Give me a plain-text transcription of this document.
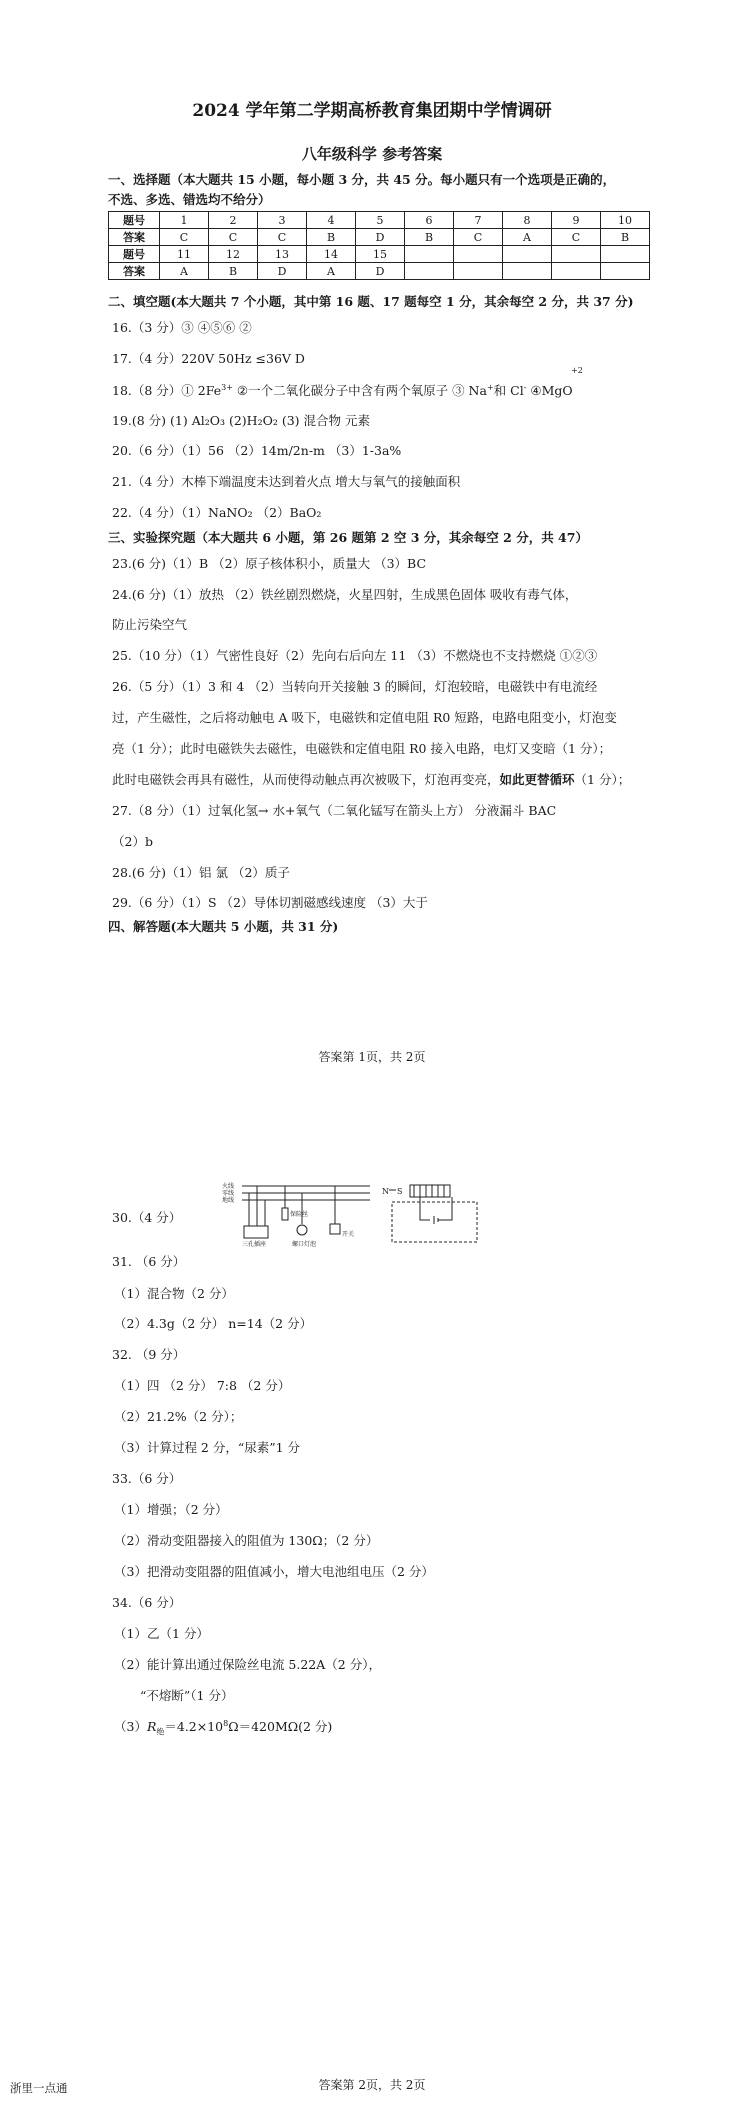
2024 学年第二学期高桥教育集团期中学情调研
八年级科学 参考答案
一、选择题（本大题共 15 小题，每小题 3 分，共 45 分。每小题只有一个选项是正确的，
不选、多选、错选均不给分）
题号	1	2	3	4	5	6	7	8	9	10
答案	C	C	C	B	D	B	C	A	C	B
题号	11	12	13	14	15					
答案	A	B	D	A	D					
二、填空题(本大题共 7 个小题，其中第 16 题、17 题每空 1 分，其余每空 2 分，共 37 分)
16.（3 分）③ ④⑤⑥ ②
17.（4 分）220V 50Hz ≤36V D
18.（8 分）① $2Fe^{3+}$ ②一个二氧化碳分子中含有两个氧原子 ③ Na+和 Cl- ④MgO
+2
19.(8 分) (1) Al₂O₃ (2)H₂O₂ (3) 混合物 元素
20.（6 分）（1）56 （2）14m/2n-m （3）1-3a%
21.（4 分）木棒下端温度未达到着火点 增大与氧气的接触面积
22.（4 分）（1）NaNO₂ （2）BaO₂
三、实验探究题（本大题共 6 小题，第 26 题第 2 空 3 分，其余每空 2 分，共 47）
23.(6 分)（1）B （2）原子核体积小，质量大 （3）BC
24.(6 分)（1）放热 （2）铁丝剧烈燃烧，火星四射，生成黑色固体 吸收有毒气体，
防止污染空气
25.（10 分）（1）气密性良好（2）先向右后向左 11 （3）不燃烧也不支持燃烧 ①②③
26.（5 分）（1）3 和 4 （2）当转向开关接触 3 的瞬间，灯泡较暗，电磁铁中有电流经
过，产生磁性，之后将动触电 A 吸下，电磁铁和定值电阻 R0 短路，电路电阻变小，灯泡变
亮（1 分）；此时电磁铁失去磁性，电磁铁和定值电阻 R0 接入电路，电灯又变暗（1 分）；
此时电磁铁会再具有磁性，从而使得动触点再次被吸下，灯泡再变亮，如此更替循环（1 分）；
27.（8 分）（1）过氧化氢→ 水+氧气（二氧化锰写在箭头上方） 分液漏斗 BAC
（2）b
28.(6 分)（1）铝 氯 （2）质子
29.（6 分）（1）S （2）导体切割磁感线速度 （3）大于
四、解答题(本大题共 5 小题，共 31 分)
答案第 1页，共 2页
30.（4 分）
火线
零线
地线
三孔插座
保险丝
螺口灯泡
开关
N S
31. （6 分）
（1）混合物（2 分）
（2）4.3g（2 分） n=14（2 分）
32. （9 分）
（1）四 （2 分） 7:8 （2 分）
（2）21.2%（2 分）；
（3）计算过程 2 分，“尿素”1 分
33.（6 分）
（1）增强；（2 分）
（2）滑动变阻器接入的阻值为 130Ω；（2 分）
（3）把滑动变阻器的阻值减小，增大电池组电压（2 分）
34.（6 分）
（1）乙（1 分）
（2）能计算出通过保险丝电流 5.22A（2 分），
“不熔断”（1 分）
$(3)R_绝=4.2\times 10^8\Omega=420M\Omega(2$ 分)
答案第 2页，共 2页
浙里一点通
